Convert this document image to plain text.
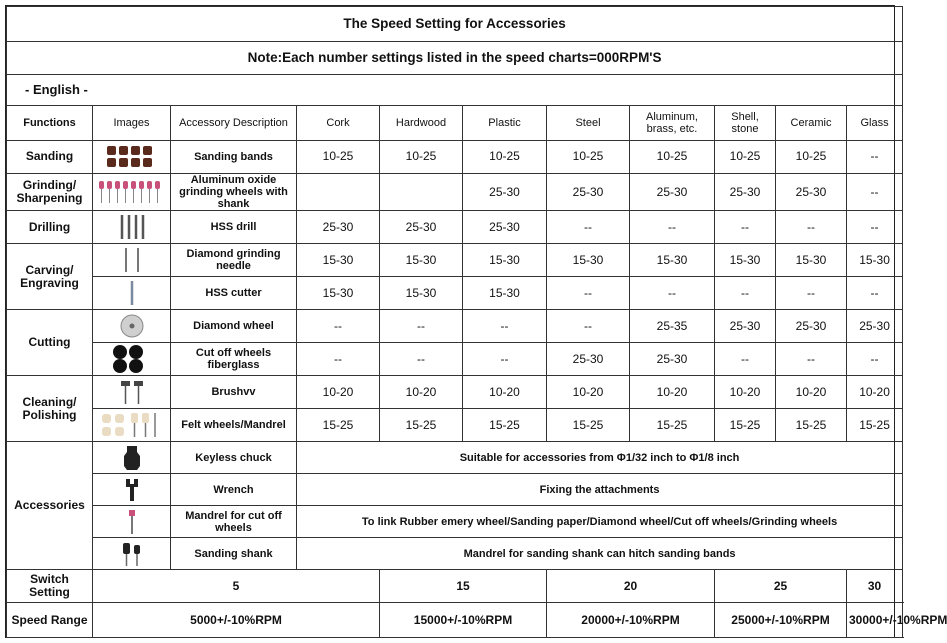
The Speed Setting for Accessories										
Note:Each number settings listed in the speed charts=000RPM'S										
- English -										
Functions	Images	Accessory Description	Cork	Hardwood	Plastic	Steel	Aluminum, brass, etc.	Shell, stone	Ceramic	Glass
Sanding		Sanding bands	10-25	10-25	10-25	10-25	10-25	10-25	10-25	--
Grinding/ Sharpening		Aluminum oxide grinding wheels with shank			25-30	25-30	25-30	25-30	25-30	--
Drilling		HSS drill	25-30	25-30	25-30	--	--	--	--	--
Carving/ Engraving		Diamond grinding needle	15-30	15-30	15-30	15-30	15-30	15-30	15-30	15-30

	HSS cutter	15-30	15-30	15-30	--	--	--	--	--
Cutting		Diamond wheel	--	--	--	--	25-35	25-30	25-30	25-30

	Cut off wheels fiberglass	--	--	--	25-30	25-30	--	--	--
Cleaning/ Polishing		Brushvv	10-20	10-20	10-20	10-20	10-20	10-20	10-20	10-20

	Felt wheels/Mandrel	15-25	15-25	15-25	15-25	15-25	15-25	15-25	15-25
Accessories		Keyless chuck	Suitable for accessories from Φ1/32 inch to Φ1/8 inch							

	Wrench	Fixing the attachments							

	Mandrel for cut off wheels	To link Rubber emery wheel/Sanding paper/Diamond wheel/Cut off wheels/Grinding wheels							

	Sanding shank	Mandrel for sanding shank can hitch sanding bands							
Switch Setting	5			15		20		25		30
Speed Range	5000+/-10%RPM			15000+/-10%RPM		20000+/-10%RPM		25000+/-10%RPM		30000+/-10%RPM
